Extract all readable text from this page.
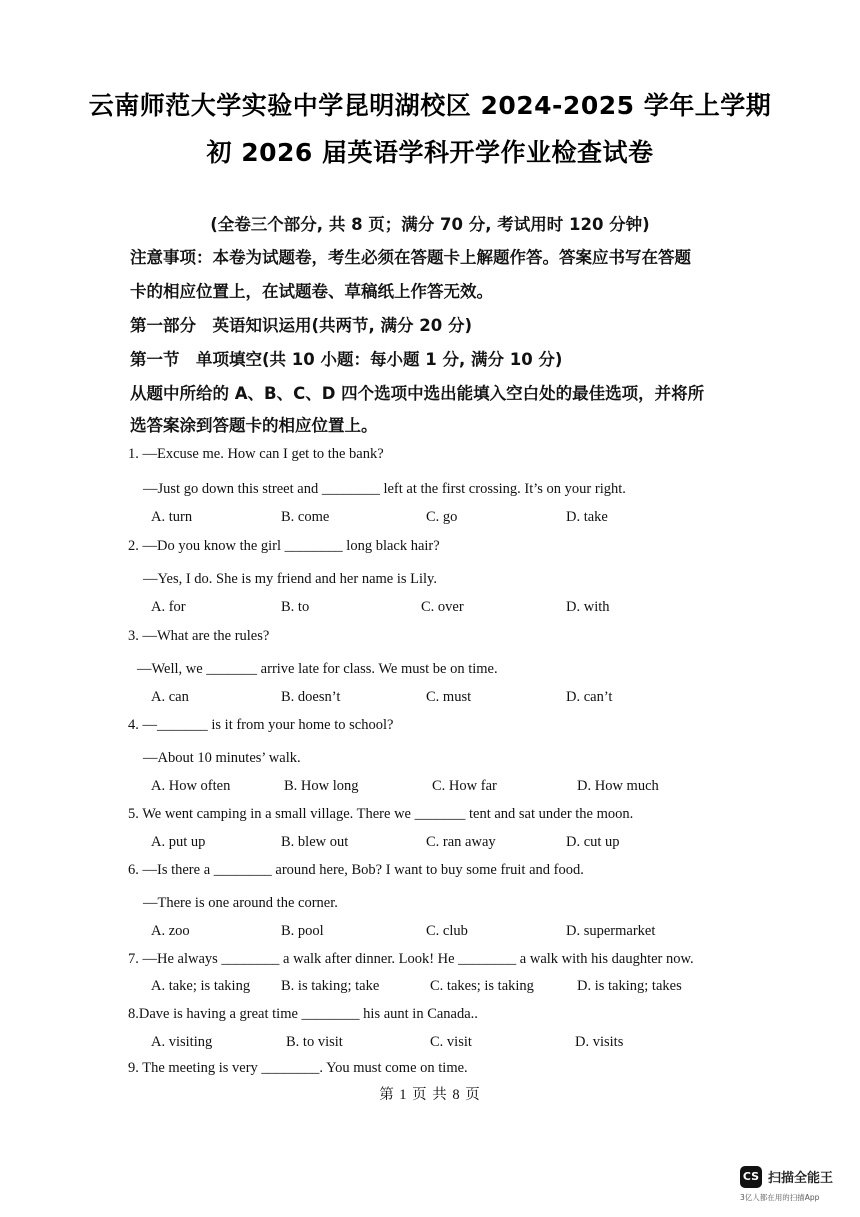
云南师范大学实验中学昆明湖校区 2024-2025 学年上学期
初 2026 届英语学科开学作业检查试卷
(全卷三个部分, 共 8 页；满分 70 分, 考试用时 120 分钟)
注意事项：本卷为试题卷，考生必须在答题卡上解题作答。答案应书写在答题
卡的相应位置上，在试题卷、草稿纸上作答无效。
第一部分　英语知识运用(共两节, 满分 20 分)
第一节　单项填空(共 10 小题：每小题 1 分, 满分 10 分)
从题中所给的 A、B、C、D 四个选项中选出能填入空白处的最佳选项，并将所
选答案涂到答题卡的相应位置上。
1. —Excuse me. How can I get to the bank?
—Just go down this street and ________ left at the first crossing. It’s on your right.
A. turn	B. come	C. go	D. take
2. —Do you know the girl ________ long black hair?
—Yes, I do. She is my friend and her name is Lily.
A. for	B. to	C. over	D. with
3. —What are the rules?
—Well, we _______ arrive late for class. We must be on time.
A. can	B. doesn’t	C. must	D. can’t
4. —_______ is it from your home to school?
—About 10 minutes’ walk.
A. How often	B. How long	C. How far	D. How much
5. We went camping in a small village. There we _______ tent and sat under the moon.
A. put up	B. blew out	C. ran away	D. cut up
6. —Is there a ________ around here, Bob? I want to buy some fruit and food.
—There is one around the corner.
A. zoo	B. pool	C. club	D. supermarket
7. —He always ________ a walk after dinner. Look! He ________ a walk with his daughter now.
A. take; is taking B. is taking; take	C. takes; is taking	D. is taking; takes
8.Dave is having a great time ________ his aunt in Canada..
A. visiting	B. to visit	C. visit	D. visits
9. The meeting is very ________. You must come on time.
第 1 页 共 8 页
CS 扫描全能王
3亿人都在用的扫描App
